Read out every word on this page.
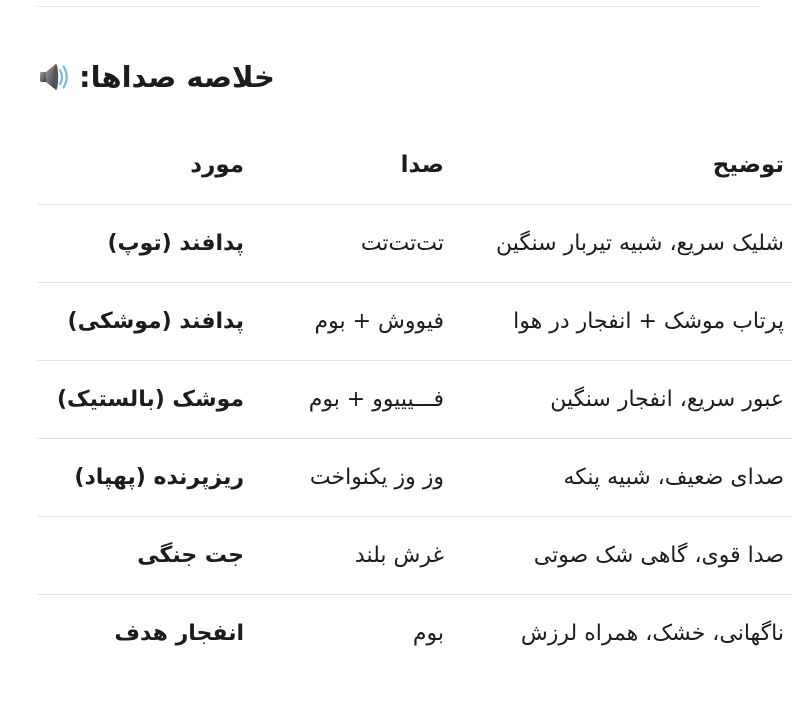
خلاصه صداها:
توضیح	صدا	مورد
شلیک سریع، شبیه تیربار سنگین	تت‌تت‌تت	پدافند (توپ)
پرتاب موشک + انفجار در هوا	فیووش + بوم	پدافند (موشکی)
عبور سریع، انفجار سنگین	فـــیییوو + بوم	موشک (بالستیک)
صدای ضعیف، شبیه پنکه	وز وز یکنواخت	ریزپرنده (پهپاد)
صدا قوی، گاهی شک صوتی	غرش بلند	جت جنگی
ناگهانی، خشک، همراه لرزش	بوم	انفجار هدف
